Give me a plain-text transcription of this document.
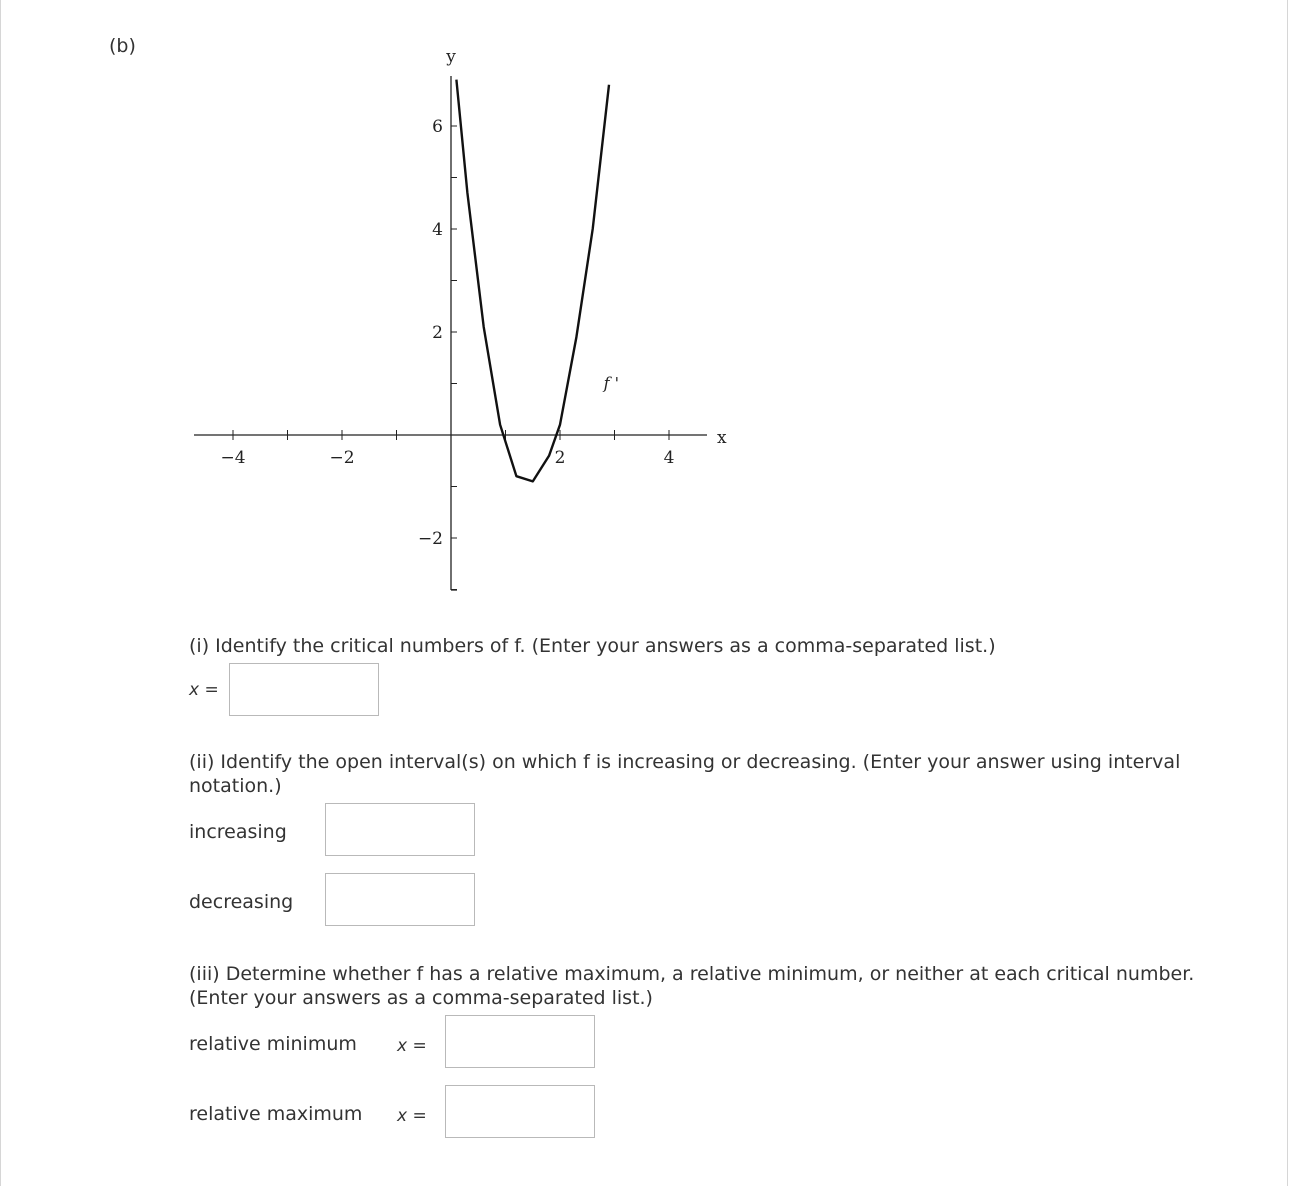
(b)
−4	−2	2	4
6
4
2
−2
y
x
f '
(i) Identify the critical numbers of f. (Enter your answers as a comma-separated list.)
x =
(ii) Identify the open interval(s) on which f is increasing or decreasing. (Enter your answer using interval notation.)
increasing
decreasing
(iii) Determine whether f has a relative maximum, a relative minimum, or neither at each critical number. (Enter your answers as a comma-separated list.)
relative minimum x =
relative maximum x =
